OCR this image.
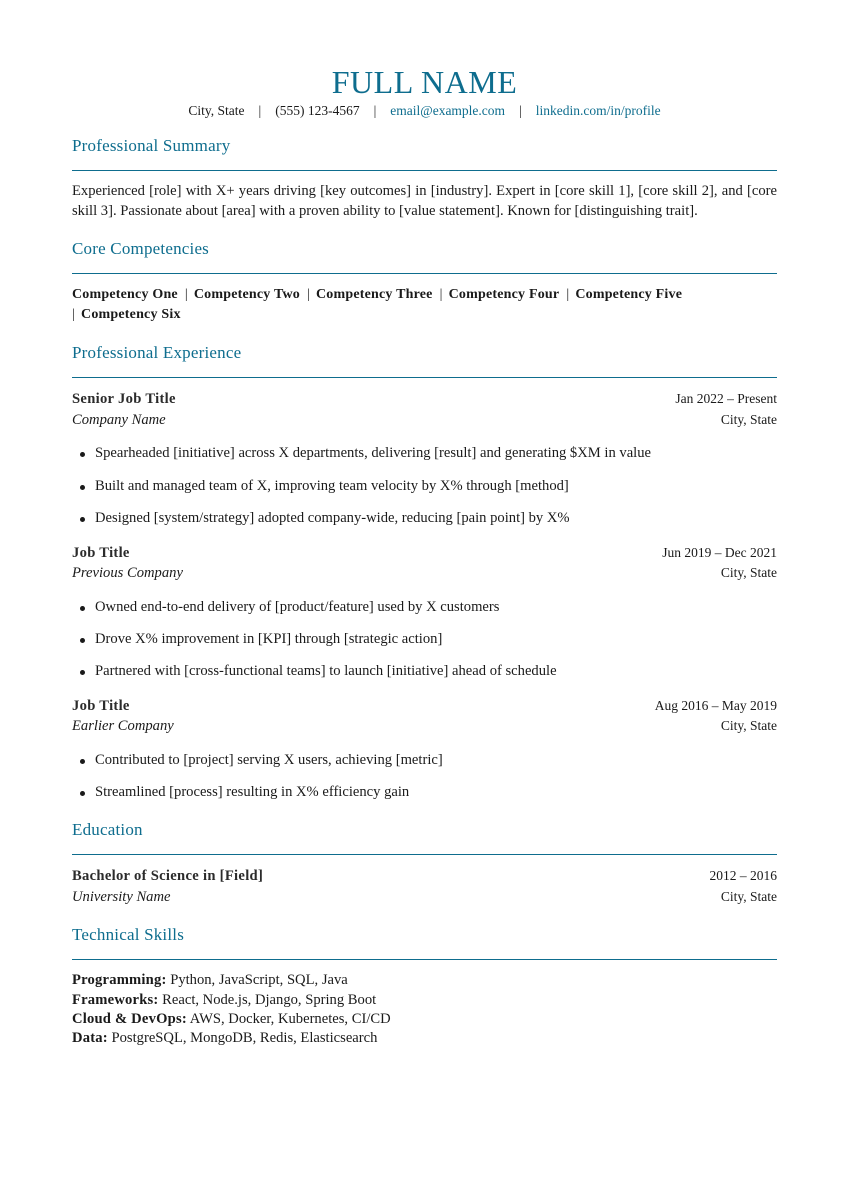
FULL NAME
City, State | (555) 123-4567 | email@example.com | linkedin.com/in/profile
Professional Summary
Experienced [role] with X+ years driving [key outcomes] in [industry]. Expert in [core skill 1], [core skill 2], and [core skill 3]. Passionate about [area] with a proven ability to [value statement]. Known for [distinguishing trait].
Core Competencies
Competency One | Competency Two | Competency Three | Competency Four | Competency Five
| Competency Six
Professional Experience
Senior Job Title	Jan 2022 – Present
Company Name	City, State
Spearheaded [initiative] across X departments, delivering [result] and generating $XM in value
Built and managed team of X, improving team velocity by X% through [method]
Designed [system/strategy] adopted company-wide, reducing [pain point] by X%
Job Title	Jun 2019 – Dec 2021
Previous Company	City, State
Owned end-to-end delivery of [product/feature] used by X customers
Drove X% improvement in [KPI] through [strategic action]
Partnered with [cross-functional teams] to launch [initiative] ahead of schedule
Job Title	Aug 2016 – May 2019
Earlier Company	City, State
Contributed to [project] serving X users, achieving [metric]
Streamlined [process] resulting in X% efficiency gain
Education
Bachelor of Science in [Field]	2012 – 2016
University Name	City, State
Technical Skills
Programming: Python, JavaScript, SQL, Java
Frameworks: React, Node.js, Django, Spring Boot
Cloud & DevOps: AWS, Docker, Kubernetes, CI/CD
Data: PostgreSQL, MongoDB, Redis, Elasticsearch
